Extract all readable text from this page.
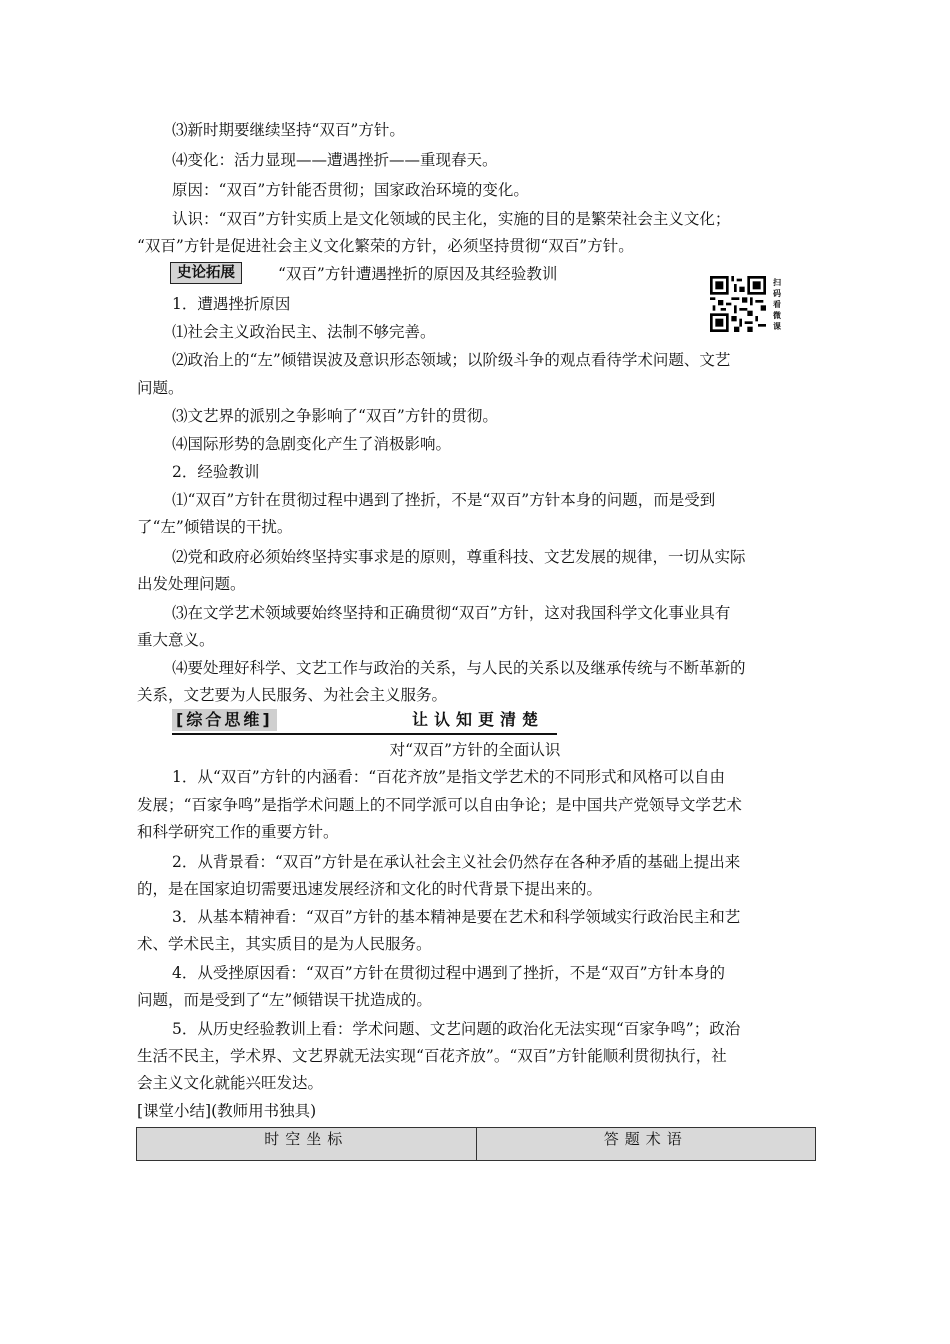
⑶新时期要继续坚持“双百”方针。
⑷变化：活力显现——遭遇挫折——重现春天。
原因：“双百”方针能否贯彻；国家政治环境的变化。
认识：“双百”方针实质上是文化领域的民主化，实施的目的是繁荣社会主义文化；
“双百”方针是促进社会主义文化繁荣的方针，必须坚持贯彻“双百”方针。
史论拓展	“双百”方针遭遇挫折的原因及其经验教训	扫码看微课
1．遭遇挫折原因
⑴社会主义政治民主、法制不够完善。
⑵政治上的“左”倾错误波及意识形态领域；以阶级斗争的观点看待学术问题、文艺
问题。
⑶文艺界的派别之争影响了“双百”方针的贯彻。
⑷国际形势的急剧变化产生了消极影响。
2．经验教训
⑴“双百”方针在贯彻过程中遇到了挫折，不是“双百”方针本身的问题，而是受到
了“左”倾错误的干扰。
⑵党和政府必须始终坚持实事求是的原则，尊重科技、文艺发展的规律，一切从实际
出发处理问题。
⑶在文学艺术领域要始终坚持和正确贯彻“双百”方针，这对我国科学文化事业具有
重大意义。
⑷要处理好科学、文艺工作与政治的关系，与人民的关系以及继承传统与不断革新的
关系，文艺要为人民服务、为社会主义服务。
[综合思维]	让认知更清楚
对“双百”方针的全面认识
1．从“双百”方针的内涵看：“百花齐放”是指文学艺术的不同形式和风格可以自由
发展；“百家争鸣”是指学术问题上的不同学派可以自由争论；是中国共产党领导文学艺术
和科学研究工作的重要方针。
2．从背景看：“双百”方针是在承认社会主义社会仍然存在各种矛盾的基础上提出来
的，是在国家迫切需要迅速发展经济和文化的时代背景下提出来的。
3．从基本精神看：“双百”方针的基本精神是要在艺术和科学领域实行政治民主和艺
术、学术民主，其实质目的是为人民服务。
4．从受挫原因看：“双百”方针在贯彻过程中遇到了挫折，不是“双百”方针本身的
问题，而是受到了“左”倾错误干扰造成的。
5．从历史经验教训上看：学术问题、文艺问题的政治化无法实现“百家争鸣”；政治
生活不民主，学术界、文艺界就无法实现“百花齐放”。“双百”方针能顺利贯彻执行，社
会主义文化就能兴旺发达。
[课堂小结](教师用书独具)
时空坐标	答题术语
